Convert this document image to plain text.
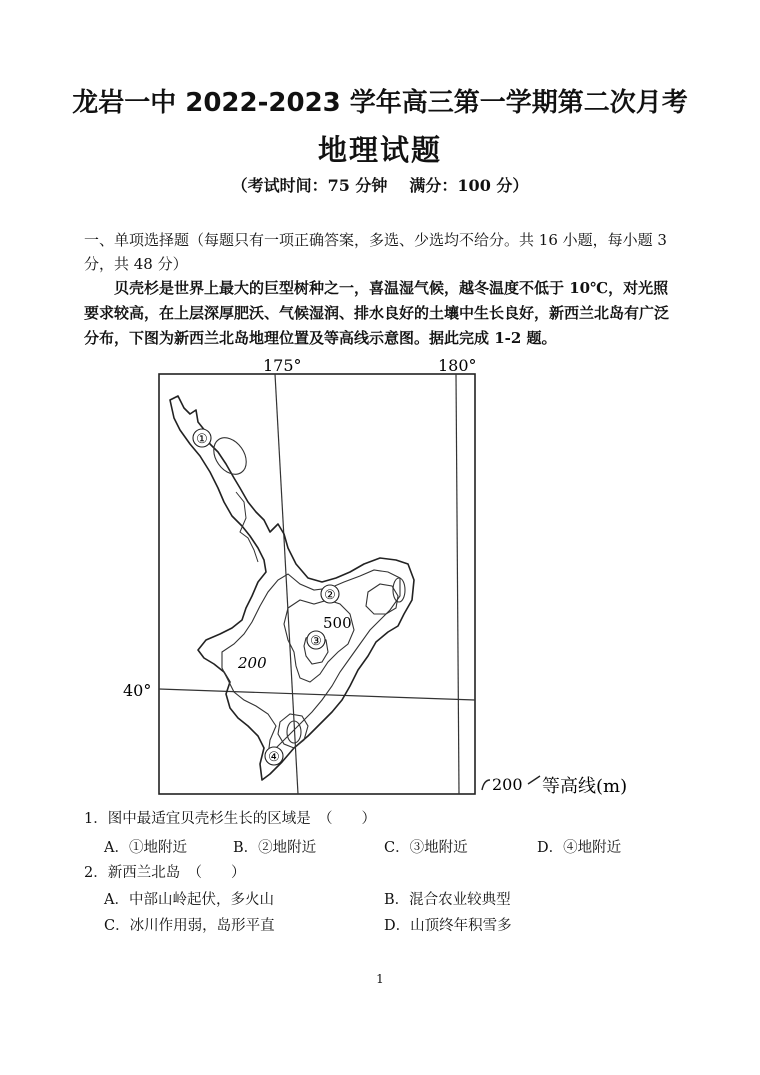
龙岩一中 2022-2023 学年高三第一学期第二次月考
地理试题
（考试时间：75 分钟 满分：100 分）
一、单项选择题（每题只有一项正确答案，多选、少选均不给分。共 16 小题，每小题 3 分，共 48 分）
贝壳杉是世界上最大的巨型树种之一，喜温湿气候，越冬温度不低于 10℃，对光照要求较高，在上层深厚肥沃、气候湿润、排水良好的土壤中生长良好，新西兰北岛有广泛分布，下图为新西兰北岛地理位置及等高线示意图。据此完成 1-2 题。
①
②
③
④
500
200
175°	180°
40°
200 等高线(m)
1．图中最适宜贝壳杉生长的区域是　（　　）
A．①地附近	B．②地附近	C．③地附近	D．④地附近
2．新西兰北岛　（　　）
A．中部山岭起伏，多火山	B．混合农业较典型
C．冰川作用弱，岛形平直	D．山顶终年积雪多
1
